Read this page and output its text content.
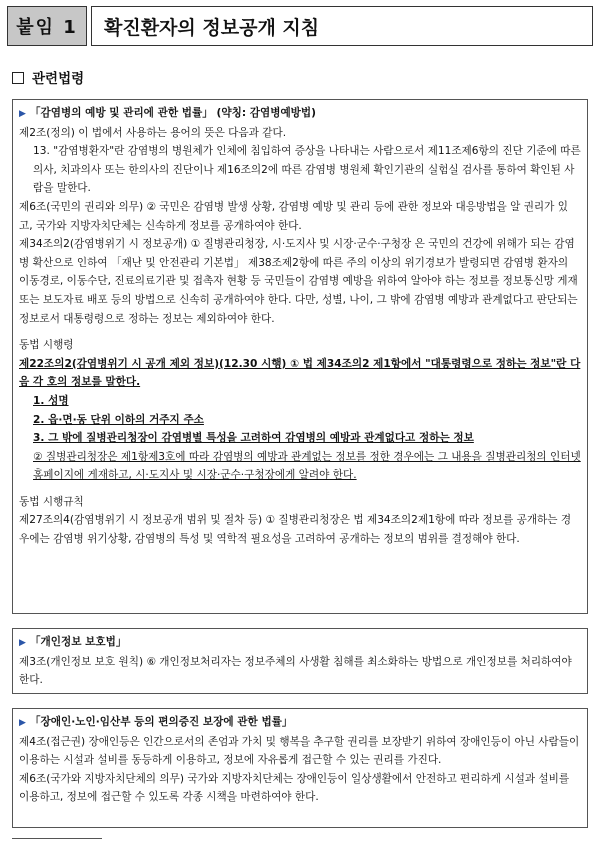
붙임 1	확진환자의 정보공개 지침
관련법령

▶ 「감염병의 예방 및 관리에 관한 법률」 (약칭: 감염병예방법)

제2조(정의) 이 법에서 사용하는 용어의 뜻은 다음과 같다.

13. "감염병환자"란 감염병의 병원체가 인체에 침입하여 증상을 나타내는 사람으로서 제11조제6항의 진단 기준에 따른 의사, 치과의사 또는 한의사의 진단이나 제16조의2에 따른 감염병 병원체 확인기관의 실험실 검사를 통하여 확인된 사람을 말한다.

제6조(국민의 권리와 의무) ② 국민은 감염병 발생 상황, 감염병 예방 및 관리 등에 관한 정보와 대응방법을 알 권리가 있고, 국가와 지방자치단체는 신속하게 정보를 공개하여야 한다.

제34조의2(감염병위기 시 정보공개) ① 질병관리청장, 시·도지사 및 시장·군수·구청장 은 국민의 건강에 위해가 되는 감염병 확산으로 인하여 「재난 및 안전관리 기본법」 제38조제2항에 따른 주의 이상의 위기경보가 발령되면 감염병 환자의 이동경로, 이동수단, 진료의료기관 및 접촉자 현황 등 국민들이 감염병 예방을 위하여 알아야 하는 정보를 정보통신망 게재 또는 보도자료 배포 등의 방법으로 신속히 공개하여야 한다. 다만, 성별, 나이, 그 밖에 감염병 예방과 관계없다고 판단되는 정보로서 대통령령으로 정하는 정보는 제외하여야 한다.

동법 시행령

제22조의2(감염병위기 시 공개 제외 정보)(12.30 시행) ① 법 제34조의2 제1항에서 "대통령령으로 정하는 정보"란 다음 각 호의 정보를 말한다.

1. 성명

2. 읍·면·동 단위 이하의 거주지 주소

3. 그 밖에 질병관리청장이 감염병별 특성을 고려하여 감염병의 예방과 관계없다고 정하는 정보

② 질병관리청장은 제1항제3호에 따라 감염병의 예방과 관계없는 정보를 정한 경우에는 그 내용을 질병관리청의 인터넷 홈페이지에 게재하고, 시·도지사 및 시장·군수·구청장에게 알려야 한다.

동법 시행규칙

제27조의4(감염병위기 시 정보공개 범위 및 절차 등) ① 질병관리청장은 법 제34조의2제1항에 따라 정보를 공개하는 경우에는 감염병 위기상황, 감염병의 특성 및 역학적 필요성을 고려하여 공개하는 정보의 범위를 결정해야 한다.

▶ 「개인정보 보호법」

제3조(개인정보 보호 원칙) ⑥ 개인정보처리자는 정보주체의 사생활 침해를 최소화하는 방법으로 개인정보를 처리하여야 한다.

▶ 「장애인·노인·임산부 등의 편의증진 보장에 관한 법률」

제4조(접근권) 장애인등은 인간으로서의 존엄과 가치 및 행복을 추구할 권리를 보장받기 위하여 장애인등이 아닌 사람들이 이용하는 시설과 설비를 동등하게 이용하고, 정보에 자유롭게 접근할 수 있는 권리를 가진다.

제6조(국가와 지방자치단체의 의무) 국가와 지방자치단체는 장애인등이 일상생활에서 안전하고 편리하게 시설과 설비를 이용하고, 정보에 접근할 수 있도록 각종 시책을 마련하여야 한다.
